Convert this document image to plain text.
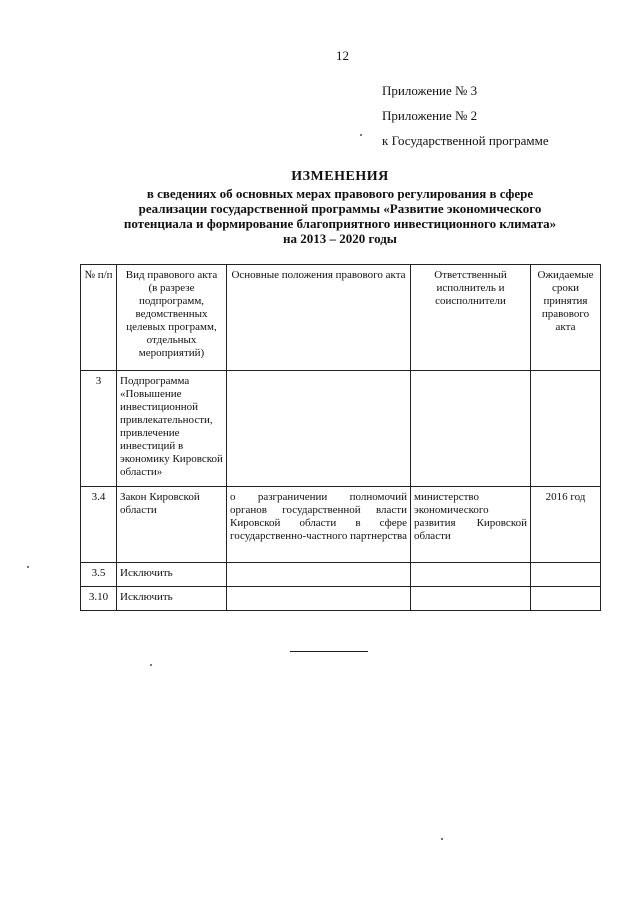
12
Приложение № 3
Приложение № 2
к Государственной программе
ИЗМЕНЕНИЯ
в сведениях об основных мерах правового регулирования в сфере
реализации государственной программы «Развитие экономического
потенциала и формирование благоприятного инвестиционного климата»
на 2013 – 2020 годы
№ п/п	Вид правового акта (в разрезе подпрограмм, ведомственных целевых программ, отдельных мероприятий)	Основные положения правового акта	Ответственный исполнитель и соисполнители	Ожидаемые сроки принятия правового акта
3	Подпрограмма «Повышение инвестиционной привлекательности, привлечение инвестиций в экономику Кировской области»			
3.4	Закон Кировской области	о разграничении полномочий органов государственной власти Кировской области в сфере государственно-частного партнерства	министерство экономического развития Кировской области	2016 год
3.5	Исключить			
3.10	Исключить			
